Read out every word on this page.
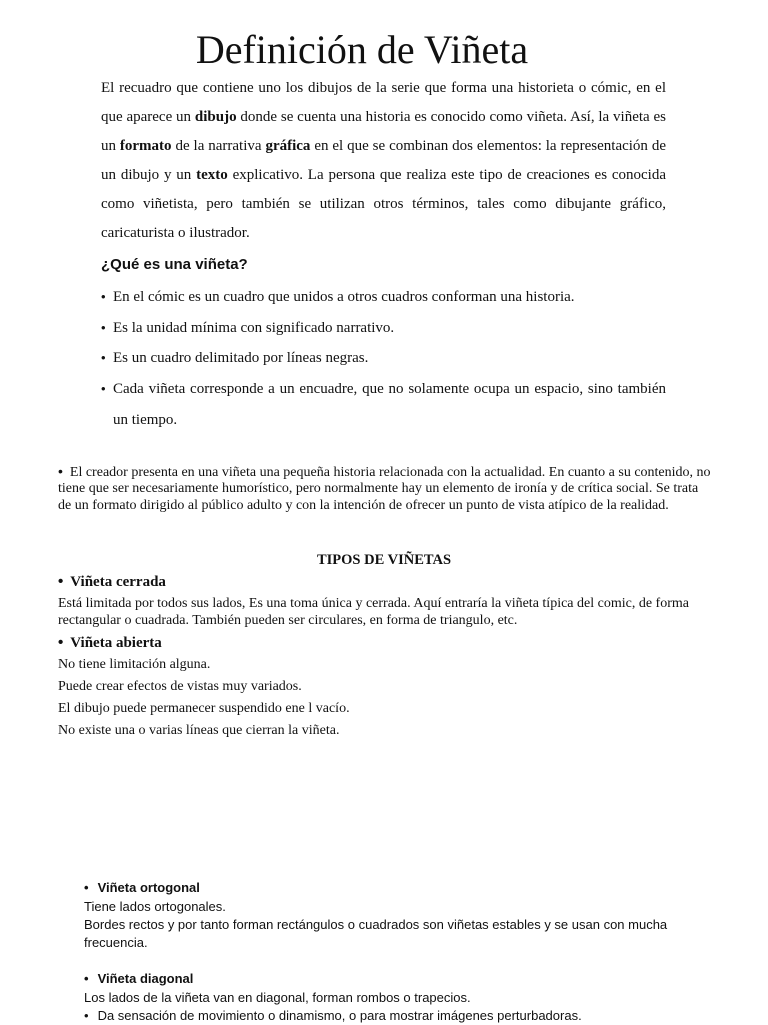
Definición de Viñeta
El recuadro que contiene uno los dibujos de la serie que forma una historieta o cómic, en el que aparece un dibujo donde se cuenta una historia es conocido como viñeta. Así, la viñeta es un formato de la narrativa gráfica en el que se combinan dos elementos: la representación de un dibujo y un texto explicativo. La persona que realiza este tipo de creaciones es conocida como viñetista, pero también se utilizan otros términos, tales como dibujante gráfico, caricaturista o ilustrador.
¿Qué es una viñeta?
• En el cómic es un cuadro que unidos a otros cuadros conforman una historia.
• Es la unidad mínima con significado narrativo.
• Es un cuadro delimitado por líneas negras.
• Cada viñeta corresponde a un encuadre, que no solamente ocupa un espacio, sino también un tiempo.
• El creador presenta en una viñeta una pequeña historia relacionada con la actualidad. En cuanto a su contenido, no tiene que ser necesariamente humorístico, pero normalmente hay un elemento de ironía y de crítica social. Se trata de un formato dirigido al público adulto y con la intención de ofrecer un punto de vista atípico de la realidad.
TIPOS DE VIÑETAS
• Viñeta cerrada
Está limitada por todos sus lados, Es una toma única y cerrada. Aquí entraría la viñeta típica del comic, de forma rectangular o cuadrada. También pueden ser circulares, en forma de triangulo, etc.
• Viñeta abierta
No tiene limitación alguna.
Puede crear efectos de vistas muy variados.
El dibujo puede permanecer suspendido ene l vacío.
No existe una o varias líneas que cierran la viñeta.
• Viñeta ortogonal
Tiene lados ortogonales.
Bordes rectos y por tanto forman rectángulos o cuadrados son viñetas estables y se usan con mucha frecuencia.
• Viñeta diagonal
Los lados de la viñeta van en diagonal, forman rombos o trapecios.
• Da sensación de movimiento o dinamismo, o para mostrar imágenes perturbadoras.
